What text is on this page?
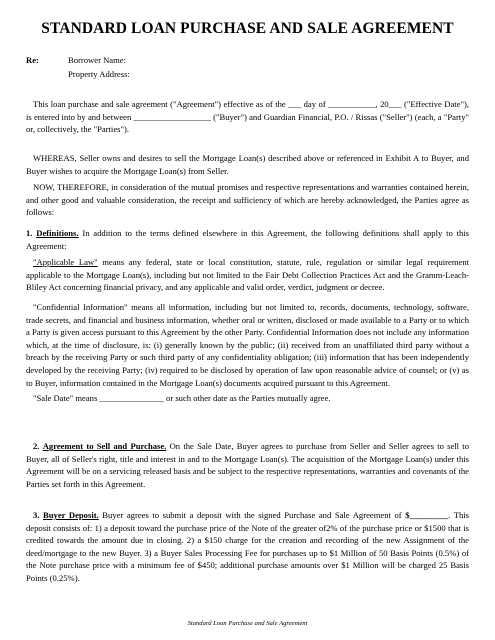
STANDARD LOAN PURCHASE AND SALE AGREEMENT
Re:	Borrower Name:
Property Address:

This loan purchase and sale agreement ("Agreement") effective as of the ___ day of ___________, 20___ ("Effective Date"), is entered into by and between __________________ ("Buyer") and Guardian Financial, P.O. / Rissas ("Seller") (each, a "Party" or, collectively, the "Parties").

WHEREAS, Seller owns and desires to sell the Mortgage Loan(s) described above or referenced in Exhibit A to Buyer, and Buyer wishes to acquire the Mortgage Loan(s) from Seller.

NOW, THEREFORE, in consideration of the mutual promises and respective representations and warranties contained herein, and other good and valuable consideration, the receipt and sufficiency of which are hereby acknowledged, the Parties agree as follows:

1. Definitions. In addition to the terms defined elsewhere in this Agreement, the following definitions shall apply to this Agreement:

"Applicable Law" means any federal, state or local constitution, statute, rule, regulation or similar legal requirement applicable to the Mortgage Loan(s), including but not limited to the Fair Debt Collection Practices Act and the Gramm-Leach-Bliley Act concerning financial privacy, and any applicable and valid order, verdict, judgment or decree.

"Confidential Information" means all information, including but not limited to, records, documents, technology, software, trade secrets, and financial and business information, whether oral or written, disclosed or made available to a Party or to which a Party is given access pursuant to this Agreement by the other Party. Confidential Information does not include any information which, at the time of disclosure, is: (i) generally known by the public; (ii) received from an unaffiliated third party without a breach by the receiving Party or such third party of any confidentiality obligation; (iii) information that has been independently developed by the receiving Party; (iv) required to be disclosed by operation of law upon reasonable advice of counsel; or (v) as to Buyer, information contained in the Mortgage Loan(s) documents acquired pursuant to this Agreement.

"Sale Date" means _______________ or such other date as the Parties mutually agree.

2. Agreement to Sell and Purchase. On the Sale Date, Buyer agrees to purchase from Seller and Seller agrees to sell to Buyer, all of Seller's right, title and interest in and to the Mortgage Loan(s). The acquisition of the Mortgage Loan(s) under this Agreement will be on a servicing released basis and be subject to the respective representations, warranties and covenants of the Parties set forth in this Agreement.

3. Buyer Deposit. Buyer agrees to submit a deposit with the signed Purchase and Sale Agreement of $_________. This deposit consists of: 1) a deposit toward the purchase price of the Note of the greater of2% of the purchase price or $1500 that is credited towards the amount due in closing. 2) a $150 charge for the creation and recording of the new Assignment of the deed/mortgage to the new Buyer. 3) a Buyer Sales Processing Fee for purchases up to $1 Million of 50 Basis Points (0.5%) of the Note purchase price with a minimum fee of $450; additional purchase amounts over $1 Million will be charged 25 Basis Points (0.25%).

Standard Loan Purchase and Sale Agreement
